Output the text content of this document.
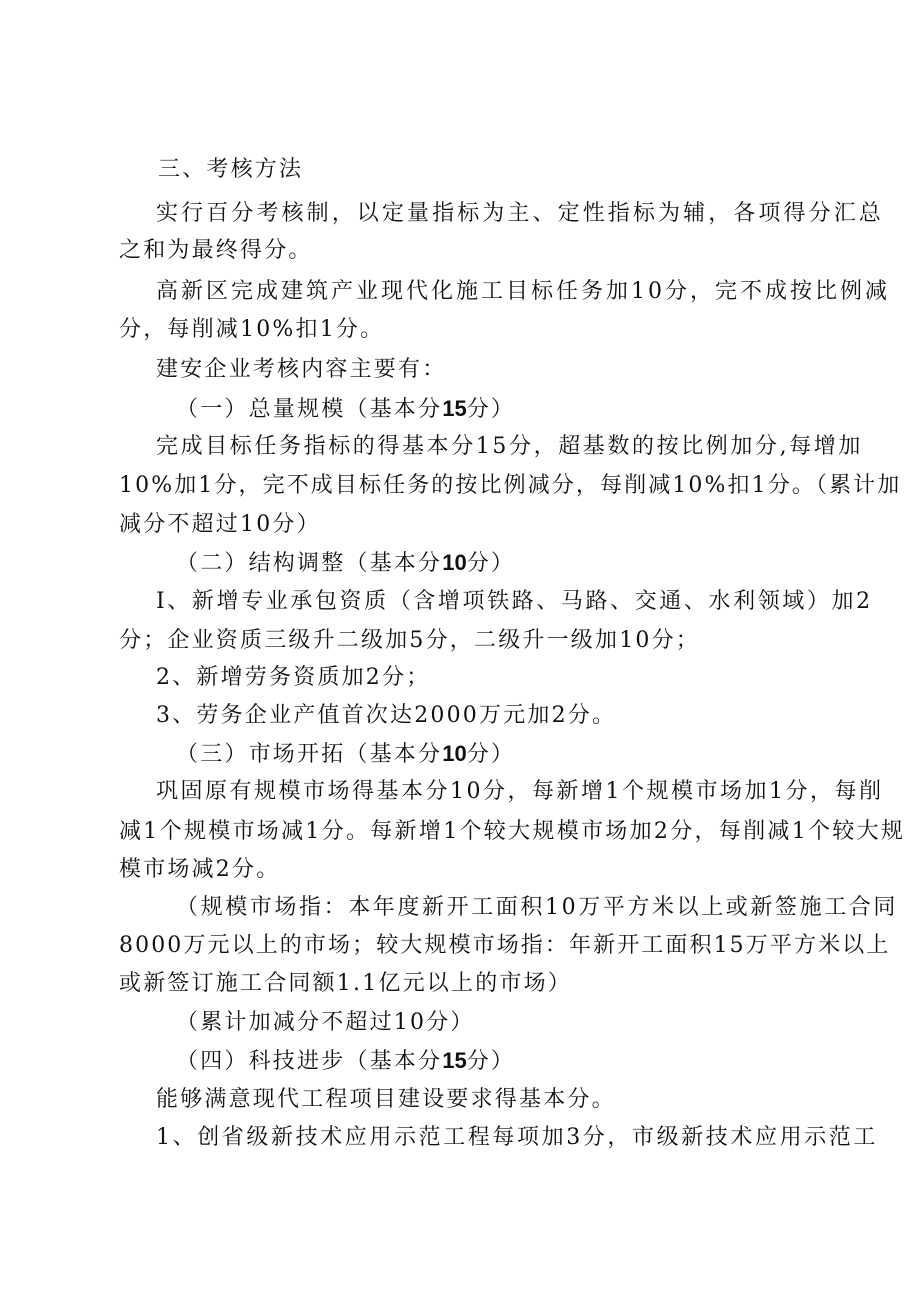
三、考核方法
实行百分考核制，以定量指标为主、定性指标为辅，各项得分汇总
之和为最终得分。
高新区完成建筑产业现代化施工目标任务加10分，完不成按比例减
分，每削减10%扣1分。
建安企业考核内容主要有：
（一）总量规模（基本分15分）
完成目标任务指标的得基本分15分，超基数的按比例加分,每增加
10%加1分，完不成目标任务的按比例减分，每削减10%扣1分。（累计加
减分不超过10分）
（二）结构调整（基本分10分）
I、新增专业承包资质（含增项铁路、马路、交通、水利领域）加2
分；企业资质三级升二级加5分，二级升一级加10分；
2、新增劳务资质加2分；
3、劳务企业产值首次达2000万元加2分。
（三）市场开拓（基本分10分）
巩固原有规模市场得基本分10分，每新增1个规模市场加1分，每削
减1个规模市场减1分。每新增1个较大规模市场加2分，每削减1个较大规
模市场减2分。
（规模市场指：本年度新开工面积10万平方米以上或新签施工合同
8000万元以上的市场；较大规模市场指：年新开工面积15万平方米以上
或新签订施工合同额1.1亿元以上的市场）
（累计加减分不超过10分）
（四）科技进步（基本分15分）
能够满意现代工程项目建设要求得基本分。
1、创省级新技术应用示范工程每项加3分，市级新技术应用示范工
